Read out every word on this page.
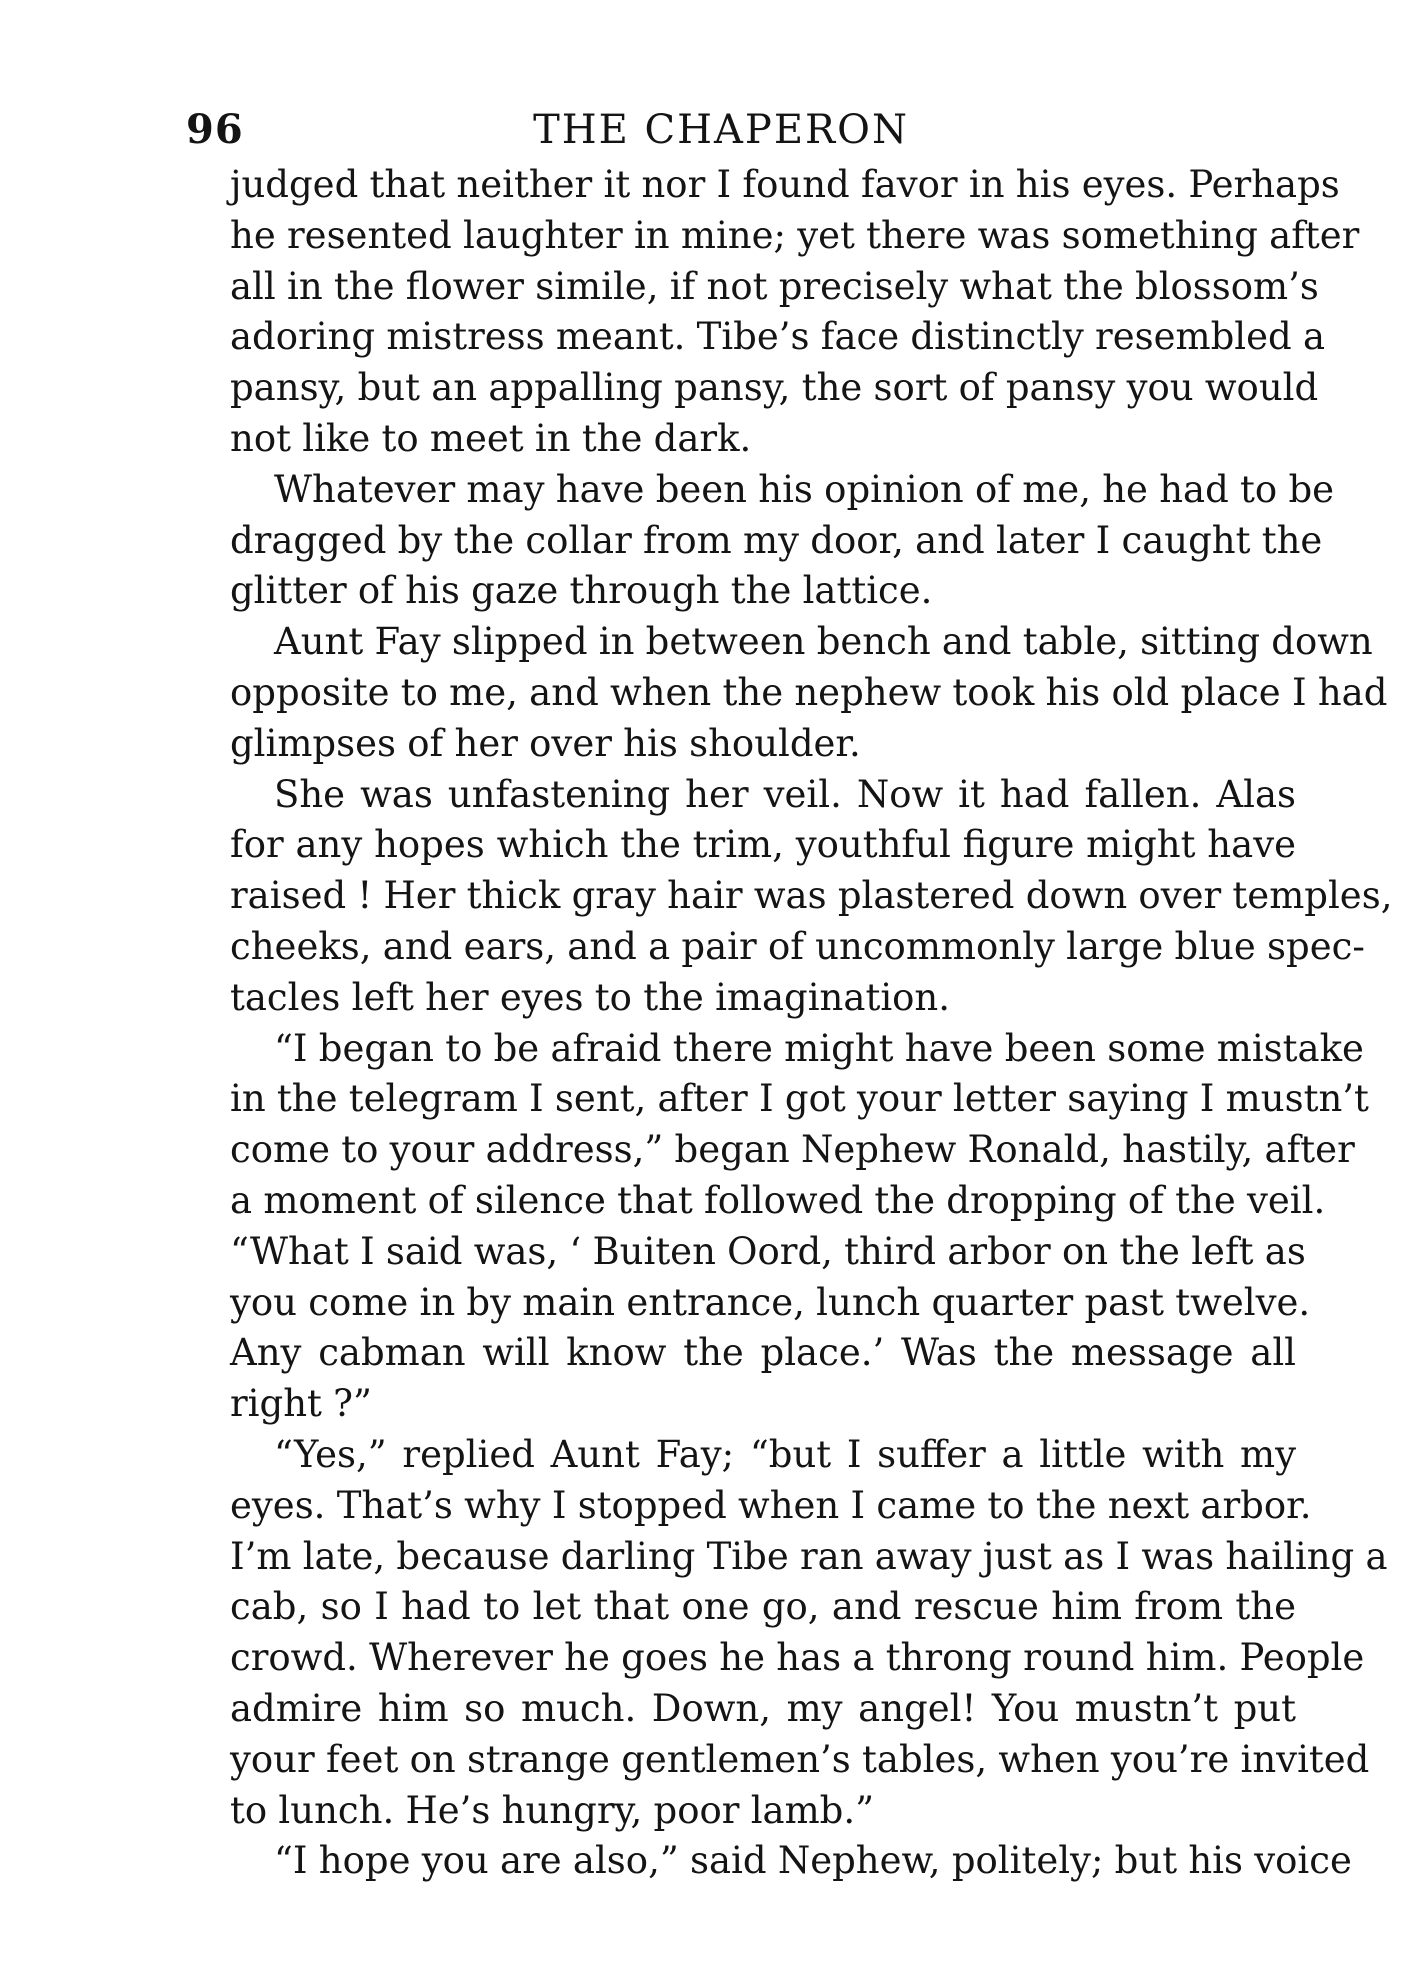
96	THE CHAPERON
judged that neither it nor I found favor in his eyes. Perhaps
he resented laughter in mine; yet there was something after
all in the flower simile, if not precisely what the blossom’s
adoring mistress meant. Tibe’s face distinctly resembled a
pansy, but an appalling pansy, the sort of pansy you would
not like to meet in the dark.
Whatever may have been his opinion of me, he had to be
dragged by the collar from my door, and later I caught the
glitter of his gaze through the lattice.
Aunt Fay slipped in between bench and table, sitting down
opposite to me, and when the nephew took his old place I had
glimpses of her over his shoulder.
She was unfastening her veil. Now it had fallen. Alas
for any hopes which the trim, youthful figure might have
raised ! Her thick gray hair was plastered down over temples,
cheeks, and ears, and a pair of uncommonly large blue spec-
tacles left her eyes to the imagination.
“I began to be afraid there might have been some mistake
in the telegram I sent, after I got your letter saying I mustn’t
come to your address,” began Nephew Ronald, hastily, after
a moment of silence that followed the dropping of the veil.
“What I said was, ‘ Buiten Oord, third arbor on the left as
you come in by main entrance, lunch quarter past twelve.
Any cabman will know the place.’ Was the message all
right ?”
“Yes,” replied Aunt Fay; “but I suffer a little with my
eyes. That’s why I stopped when I came to the next arbor.
I’m late, because darling Tibe ran away just as I was hailing a
cab, so I had to let that one go, and rescue him from the
crowd. Wherever he goes he has a throng round him. People
admire him so much. Down, my angel! You mustn’t put
your feet on strange gentlemen’s tables, when you’re invited
to lunch. He’s hungry, poor lamb.”
“I hope you are also,” said Nephew, politely; but his voice
